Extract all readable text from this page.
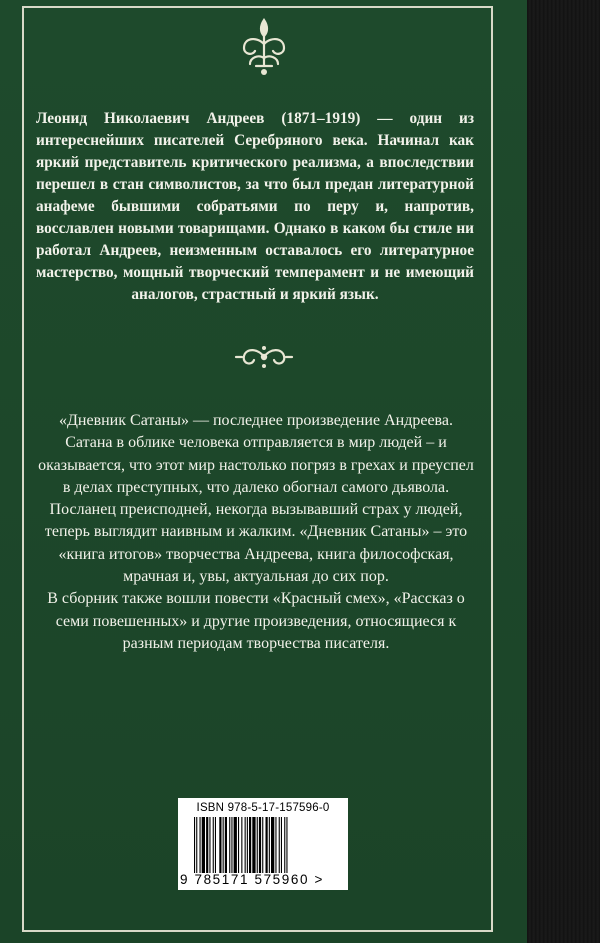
Леонид Николаевич Андреев (1871–1919) — один из интереснейших писателей Серебряного века. Начинал как яркий представитель критического реализма, а впоследствии перешел в стан символистов, за что был предан литературной анафеме бывшими собратьями по перу и, напротив, восславлен новыми товарищами. Однако в каком бы стиле ни работал Андреев, неизменным оставалось его литературное мастерство, мощный творческий темперамент и не имеющий аналогов, страстный и яркий язык.

«Дневник Сатаны» — последнее произведение Андреева. Сатана в облике человека отправляется в мир людей – и оказывается, что этот мир настолько погряз в грехах и преуспел в делах преступных, что далеко обогнал самого дьявола. Посланец преисподней, некогда вызывавший страх у людей, теперь выглядит наивным и жалким. «Дневник Сатаны» – это «книга итогов» творчества Андреева, книга философская, мрачная и, увы, актуальная до сих пор.

В сборник также вошли повести «Красный смех», «Рассказ о семи повешенных» и другие произведения, относящиеся к разным периодам творчества писателя.

ISBN 978-5-17-157596-0
9 785171 575960 >
